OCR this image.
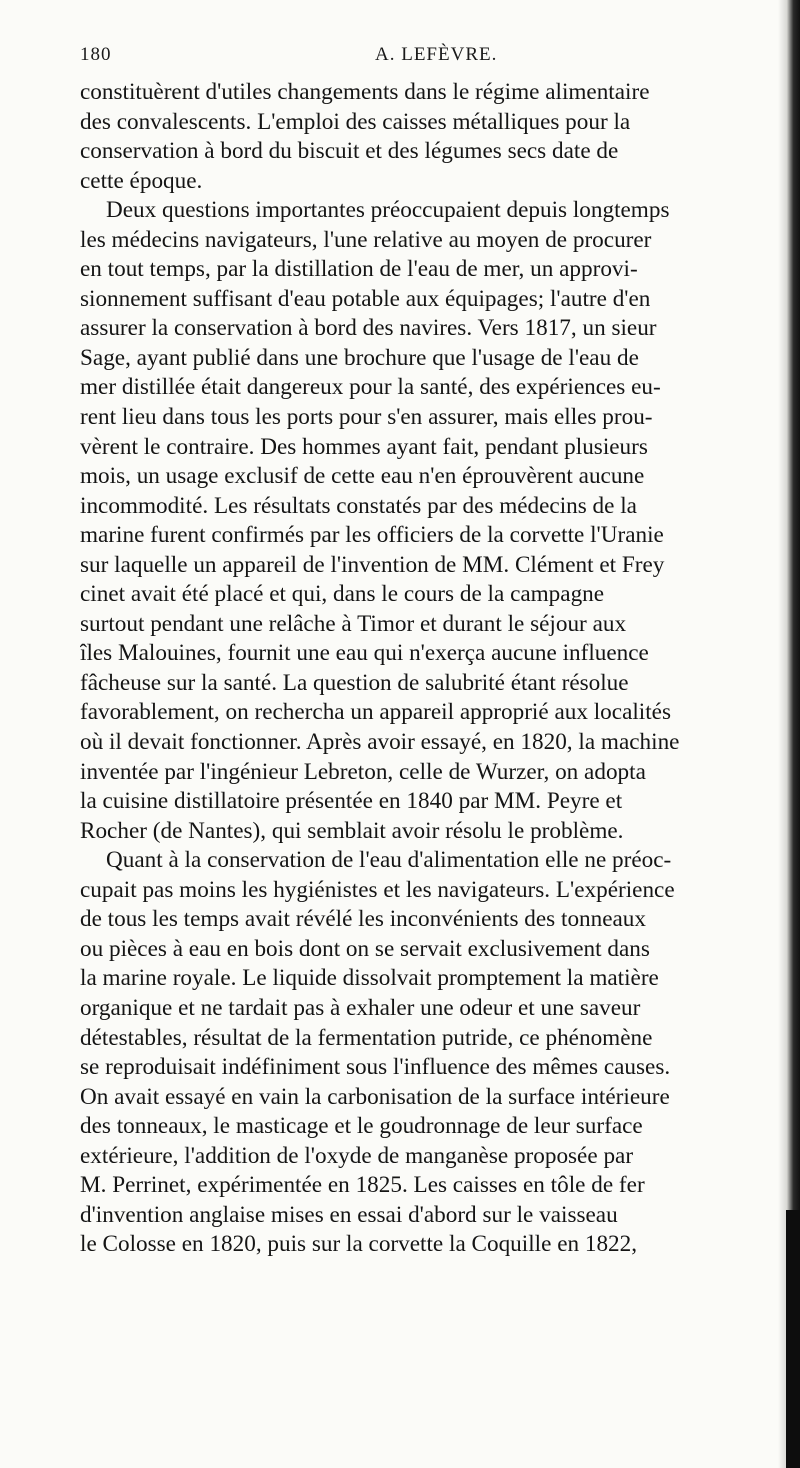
180	A. LEFÈVRE.
constituèrent d'utiles changements dans le régime alimentaire
des convalescents. L'emploi des caisses métalliques pour la
conservation à bord du biscuit et des légumes secs date de
cette époque.
Deux questions importantes préoccupaient depuis longtemps
les médecins navigateurs, l'une relative au moyen de procurer
en tout temps, par la distillation de l'eau de mer, un approvi-
sionnement suffisant d'eau potable aux équipages; l'autre d'en
assurer la conservation à bord des navires. Vers 1817, un sieur
Sage, ayant publié dans une brochure que l'usage de l'eau de
mer distillée était dangereux pour la santé, des expériences eu-
rent lieu dans tous les ports pour s'en assurer, mais elles prou-
vèrent le contraire. Des hommes ayant fait, pendant plusieurs
mois, un usage exclusif de cette eau n'en éprouvèrent aucune
incommodité. Les résultats constatés par des médecins de la
marine furent confirmés par les officiers de la corvette l'Uranie
sur laquelle un appareil de l'invention de MM. Clément et Frey
cinet avait été placé et qui, dans le cours de la campagne
surtout pendant une relâche à Timor et durant le séjour aux
îles Malouines, fournit une eau qui n'exerça aucune influence
fâcheuse sur la santé. La question de salubrité étant résolue
favorablement, on rechercha un appareil approprié aux localités
où il devait fonctionner. Après avoir essayé, en 1820, la machine
inventée par l'ingénieur Lebreton, celle de Wurzer, on adopta
la cuisine distillatoire présentée en 1840 par MM. Peyre et
Rocher (de Nantes), qui semblait avoir résolu le problème.
Quant à la conservation de l'eau d'alimentation elle ne préoc-
cupait pas moins les hygiénistes et les navigateurs. L'expérience
de tous les temps avait révélé les inconvénients des tonneaux
ou pièces à eau en bois dont on se servait exclusivement dans
la marine royale. Le liquide dissolvait promptement la matière
organique et ne tardait pas à exhaler une odeur et une saveur
détestables, résultat de la fermentation putride, ce phénomène
se reproduisait indéfiniment sous l'influence des mêmes causes.
On avait essayé en vain la carbonisation de la surface intérieure
des tonneaux, le masticage et le goudronnage de leur surface
extérieure, l'addition de l'oxyde de manganèse proposée par
M. Perrinet, expérimentée en 1825. Les caisses en tôle de fer
d'invention anglaise mises en essai d'abord sur le vaisseau
le Colosse en 1820, puis sur la corvette la Coquille en 1822,
